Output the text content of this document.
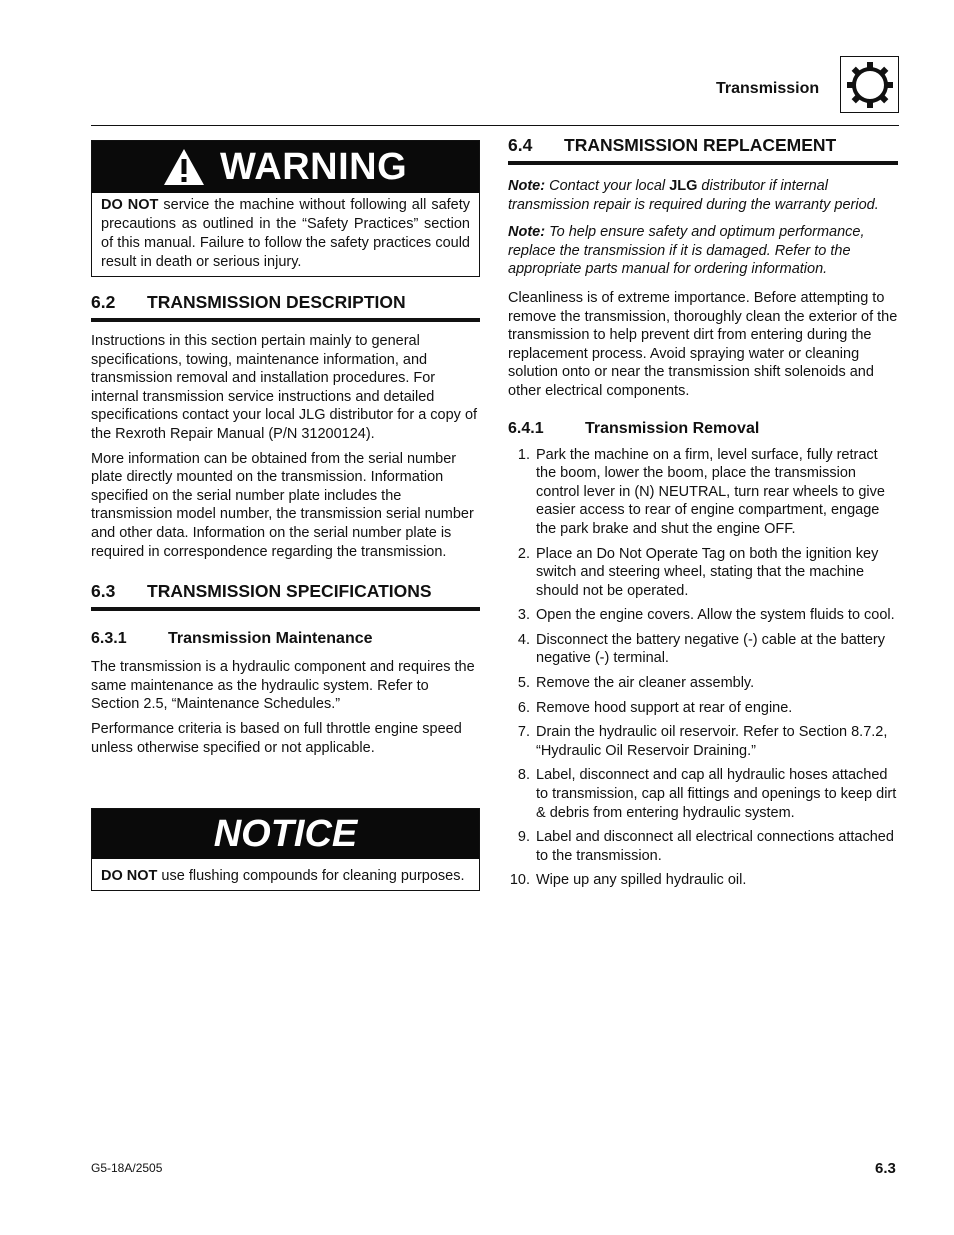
Transmission
WARNING
DO NOT service the machine without following all safety precautions as outlined in the “Safety Practices” section of this manual. Failure to follow the safety practices could result in death or serious injury.
6.2	TRANSMISSION DESCRIPTION

Instructions in this section pertain mainly to general specifications, towing, maintenance information, and transmission removal and installation procedures. For internal transmission service instructions and detailed specifications contact your local JLG distributor for a copy of the Rexroth Repair Manual (P/N 31200124).

More information can be obtained from the serial number plate directly mounted on the transmission. Information specified on the serial number plate includes the transmission model number, the transmission serial number and other data. Information on the serial number plate is required in correspondence regarding the transmission.

6.3	TRANSMISSION SPECIFICATIONS
6.3.1	Transmission Maintenance

The transmission is a hydraulic component and requires the same maintenance as the hydraulic system. Refer to Section 2.5, “Maintenance Schedules.”

Performance criteria is based on full throttle engine speed unless otherwise specified or not applicable.

NOTICE
DO NOT use flushing compounds for cleaning purposes.
6.4	TRANSMISSION REPLACEMENT

Note: Contact your local JLG distributor if internal transmission repair is required during the warranty period.

Note: To help ensure safety and optimum performance, replace the transmission if it is damaged. Refer to the appropriate parts manual for ordering information.

Cleanliness is of extreme importance. Before attempting to remove the transmission, thoroughly clean the exterior of the transmission to help prevent dirt from entering during the replacement process. Avoid spraying water or cleaning solution onto or near the transmission shift solenoids and other electrical components.

6.4.1	Transmission Removal
1. Park the machine on a firm, level surface, fully retract the boom, lower the boom, place the transmission control lever in (N) NEUTRAL, turn rear wheels to give easier access to rear of engine compartment, engage the park brake and shut the engine OFF.
2. Place an Do Not Operate Tag on both the ignition key switch and steering wheel, stating that the machine should not be operated.
3. Open the engine covers. Allow the system fluids to cool.
4. Disconnect the battery negative (-) cable at the battery negative (-) terminal.
5. Remove the air cleaner assembly.
6. Remove hood support at rear of engine.
7. Drain the hydraulic oil reservoir. Refer to Section 8.7.2, “Hydraulic Oil Reservoir Draining.”
8. Label, disconnect and cap all hydraulic hoses attached to transmission, cap all fittings and openings to keep dirt & debris from entering hydraulic system.
9. Label and disconnect all electrical connections attached to the transmission.
10. Wipe up any spilled hydraulic oil.
G5-18A/2505	6.3
